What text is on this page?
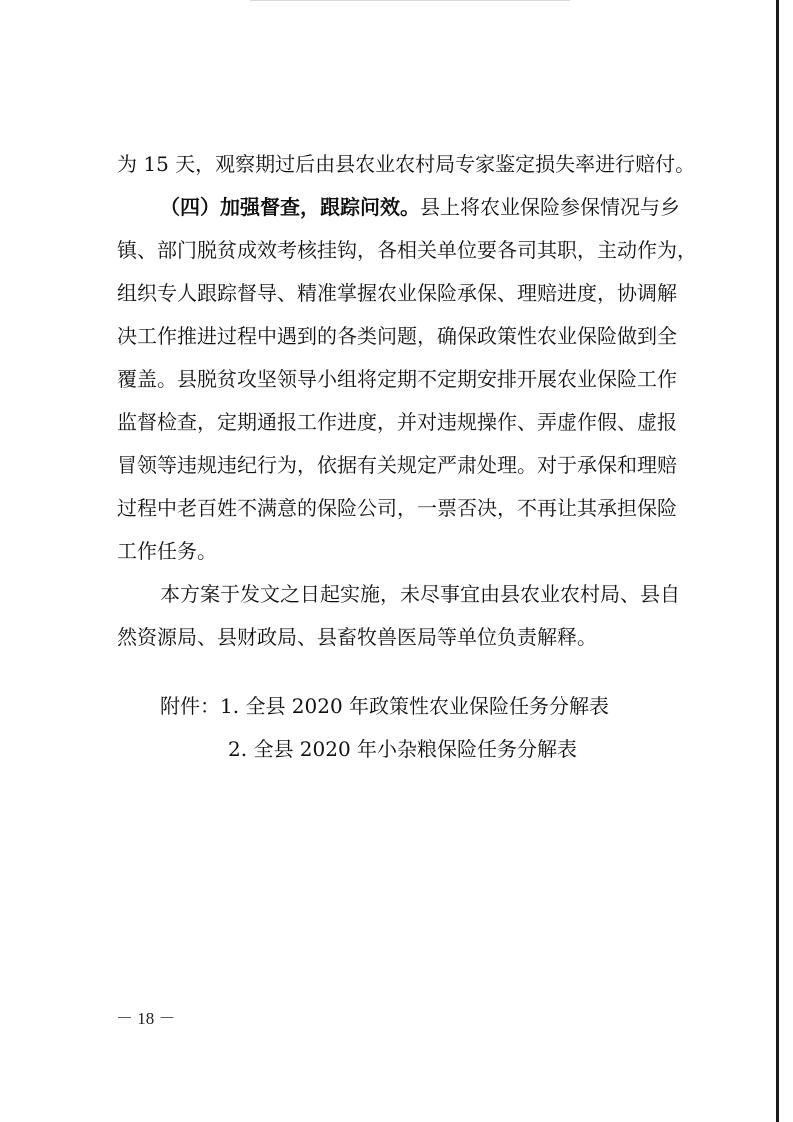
为 15 天，观察期过后由县农业农村局专家鉴定损失率进行赔付。
（四）加强督查，跟踪问效。县上将农业保险参保情况与乡
镇、部门脱贫成效考核挂钩，各相关单位要各司其职，主动作为，
组织专人跟踪督导、精准掌握农业保险承保、理赔进度，协调解
决工作推进过程中遇到的各类问题，确保政策性农业保险做到全
覆盖。县脱贫攻坚领导小组将定期不定期安排开展农业保险工作
监督检查，定期通报工作进度，并对违规操作、弄虚作假、虚报
冒领等违规违纪行为，依据有关规定严肃处理。对于承保和理赔
过程中老百姓不满意的保险公司，一票否决，不再让其承担保险
工作任务。
本方案于发文之日起实施，未尽事宜由县农业农村局、县自
然资源局、县财政局、县畜牧兽医局等单位负责解释。
附件：1. 全县 2020 年政策性农业保险任务分解表
2. 全县 2020 年小杂粮保险任务分解表
－ 18 －
